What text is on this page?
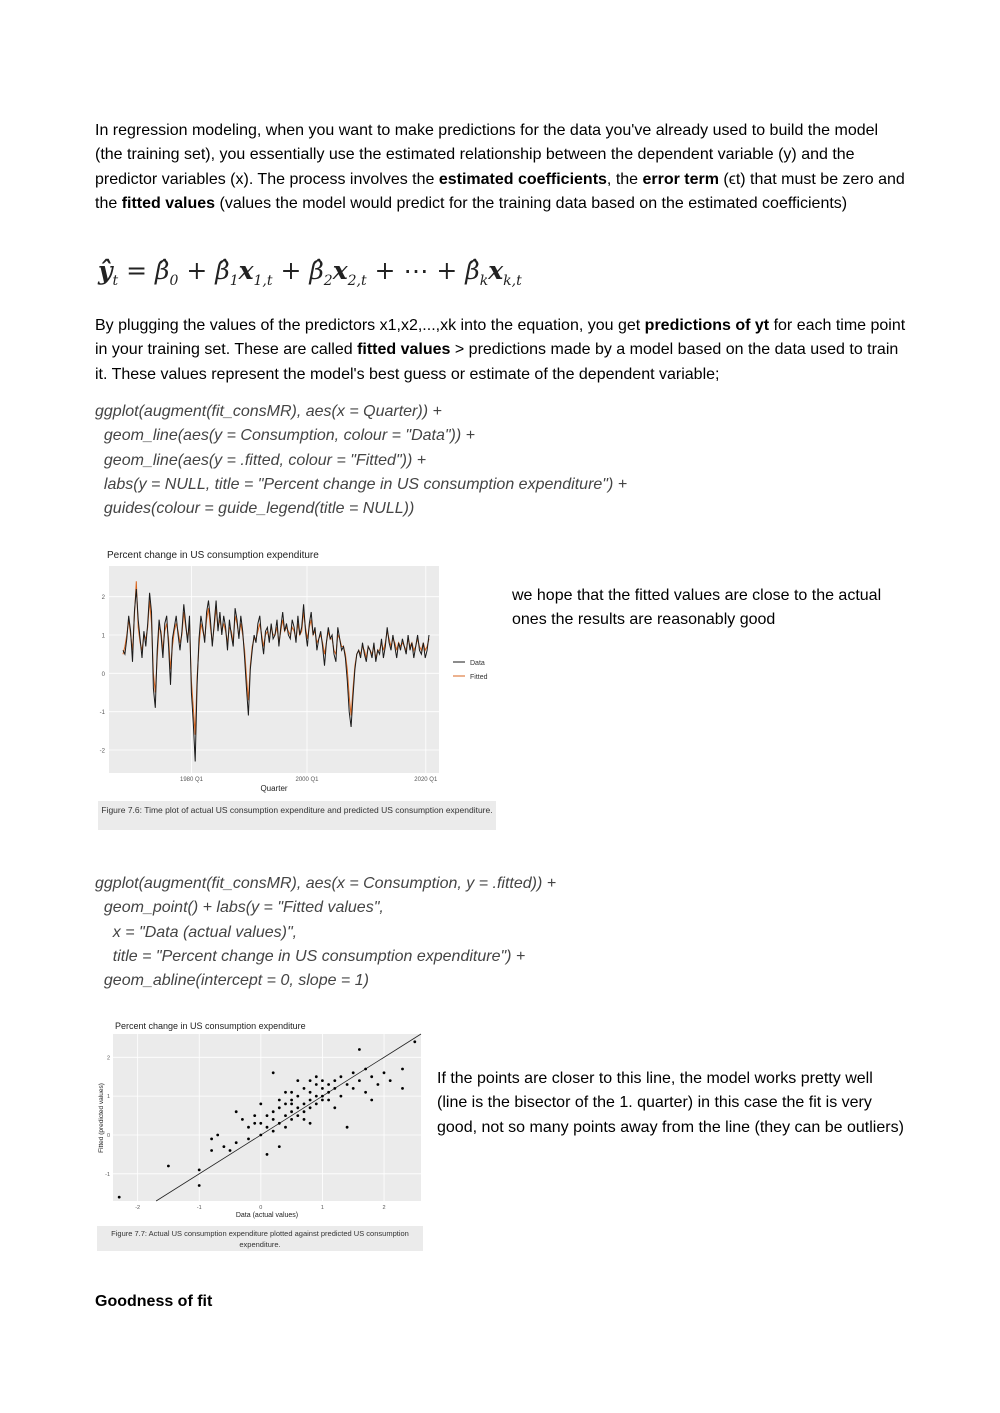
In regression modeling, when you want to make predictions for the data you've already used to build the model (the training set), you essentially use the estimated relationship between the dependent variable (y) and the predictor variables (x). The process involves the estimated coefficients, the error term (ϵt) that must be zero and the fitted values (values the model would predict for the training data based on the estimated coefficients)

$ŷ_t$ = $\betâ_0$ + $\betâ_1x_{1,t}$ + $\betâ_2x_{2,t}$ + ⋯ + $\betâ_kx_{k,t}$

By plugging the values of the predictors x1,x2,...,xk into the equation, you get predictions of yt for each time point in your training set. These are called fitted values > predictions made by a model based on the data used to train it. These values represent the model's best guess or estimate of the dependent variable;

ggplot(augment(fit_consMR), aes(x = Quarter)) +
geom_line(aes(y = Consumption, colour = "Data")) +
geom_line(aes(y = .fitted, colour = "Fitted")) +
labs(y = NULL, title = "Percent change in US consumption expenditure") +
guides(colour = guide_legend(title = NULL))
Percent change in US consumption expenditure
-2
-1
0
1
2
1980 Q1	2000 Q1	2020 Q1
Quarter
Data
Fitted
Figure 7.6: Time plot of actual US consumption expenditure and predicted US consumption expenditure.

we hope that the fitted values are close to the actual ones the results are reasonably good

ggplot(augment(fit_consMR), aes(x = Consumption, y = .fitted)) +
geom_point() + labs(y = "Fitted values",
x = "Data (actual values)",
title = "Percent change in US consumption expenditure") +
geom_abline(intercept = 0, slope = 1)
Percent change in US consumption expenditure
-2	-1	0	1	2
-1
0
1
2
Data (actual values)
Fitted (predicted values)
Figure 7.7: Actual US consumption expenditure plotted against predicted US consumption expenditure.

If the points are closer to this line, the model works pretty well (line is the bisector of the 1. quarter) in this case the fit is very good, not so many points away from the line (they can be outliers)

Goodness of fit
